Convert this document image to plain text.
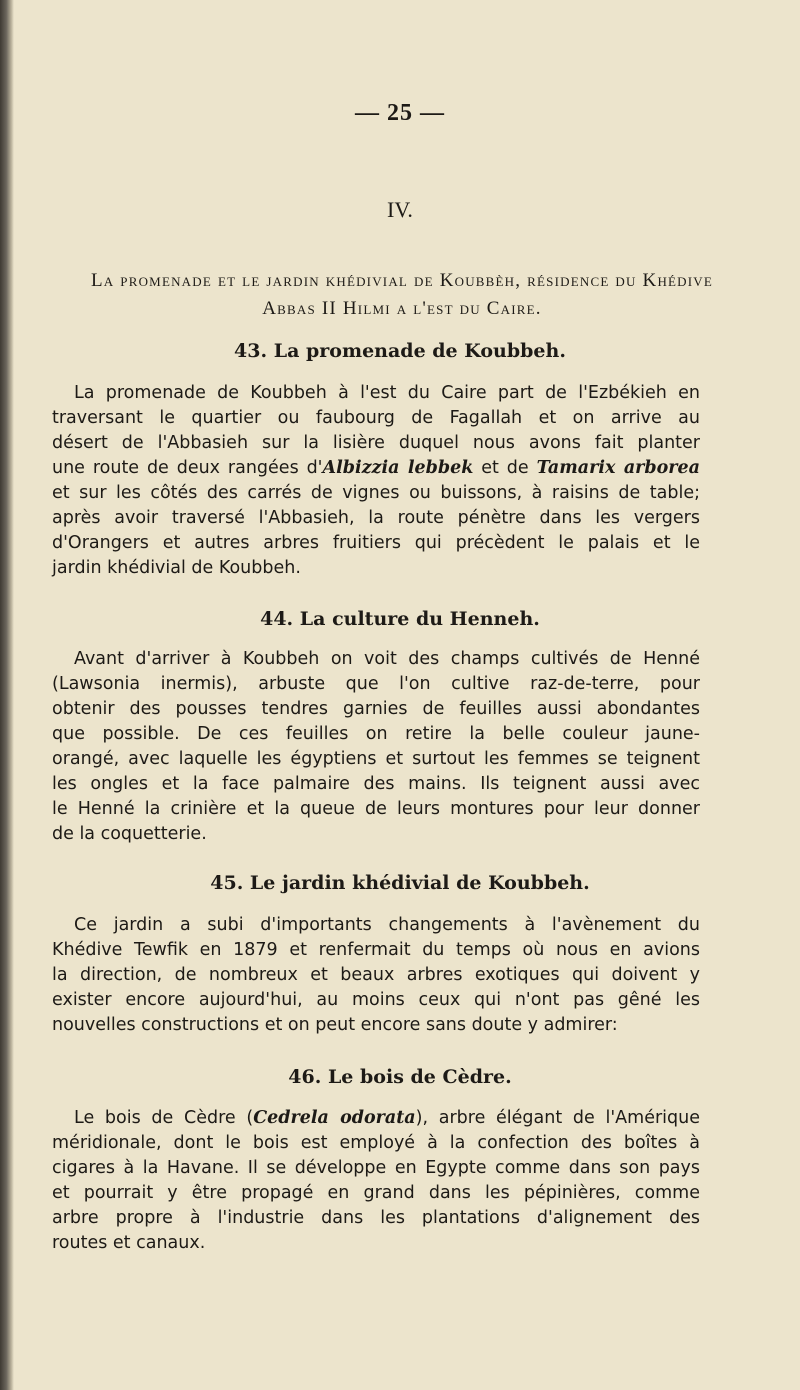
— 25 —
IV.
La promenade et le jardin khédivial de Koubbèh, résidence du Khédive
Abbas II Hilmi a l'est du Caire.
43. La promenade de Koubbeh.
La promenade de Koubbeh à l'est du Caire part de l'Ezbékieh en
traversant le quartier ou faubourg de Fagallah et on arrive au
désert de l'Abbasieh sur la lisière duquel nous avons fait planter
une route de deux rangées d'Albizzia lebbek et de Tamarix arborea
et sur les côtés des carrés de vignes ou buissons, à raisins de table;
après avoir traversé l'Abbasieh, la route pénètre dans les vergers
d'Orangers et autres arbres fruitiers qui précèdent le palais et le
jardin khédivial de Koubbeh.
44. La culture du Henneh.
Avant d'arriver à Koubbeh on voit des champs cultivés de Henné
(Lawsonia inermis), arbuste que l'on cultive raz-de-terre, pour
obtenir des pousses tendres garnies de feuilles aussi abondantes
que possible. De ces feuilles on retire la belle couleur jaune-
orangé, avec laquelle les égyptiens et surtout les femmes se teignent
les ongles et la face palmaire des mains. Ils teignent aussi avec
le Henné la crinière et la queue de leurs montures pour leur donner
de la coquetterie.
45. Le jardin khédivial de Koubbeh.
Ce jardin a subi d'importants changements à l'avènement du
Khédive Tewfik en 1879 et renfermait du temps où nous en avions
la direction, de nombreux et beaux arbres exotiques qui doivent y
exister encore aujourd'hui, au moins ceux qui n'ont pas gêné les
nouvelles constructions et on peut encore sans doute y admirer:
46. Le bois de Cèdre.
Le bois de Cèdre (Cedrela odorata), arbre élégant de l'Amérique
méridionale, dont le bois est employé à la confection des boîtes à
cigares à la Havane. Il se développe en Egypte comme dans son pays
et pourrait y être propagé en grand dans les pépinières, comme
arbre propre à l'industrie dans les plantations d'alignement des
routes et canaux.
